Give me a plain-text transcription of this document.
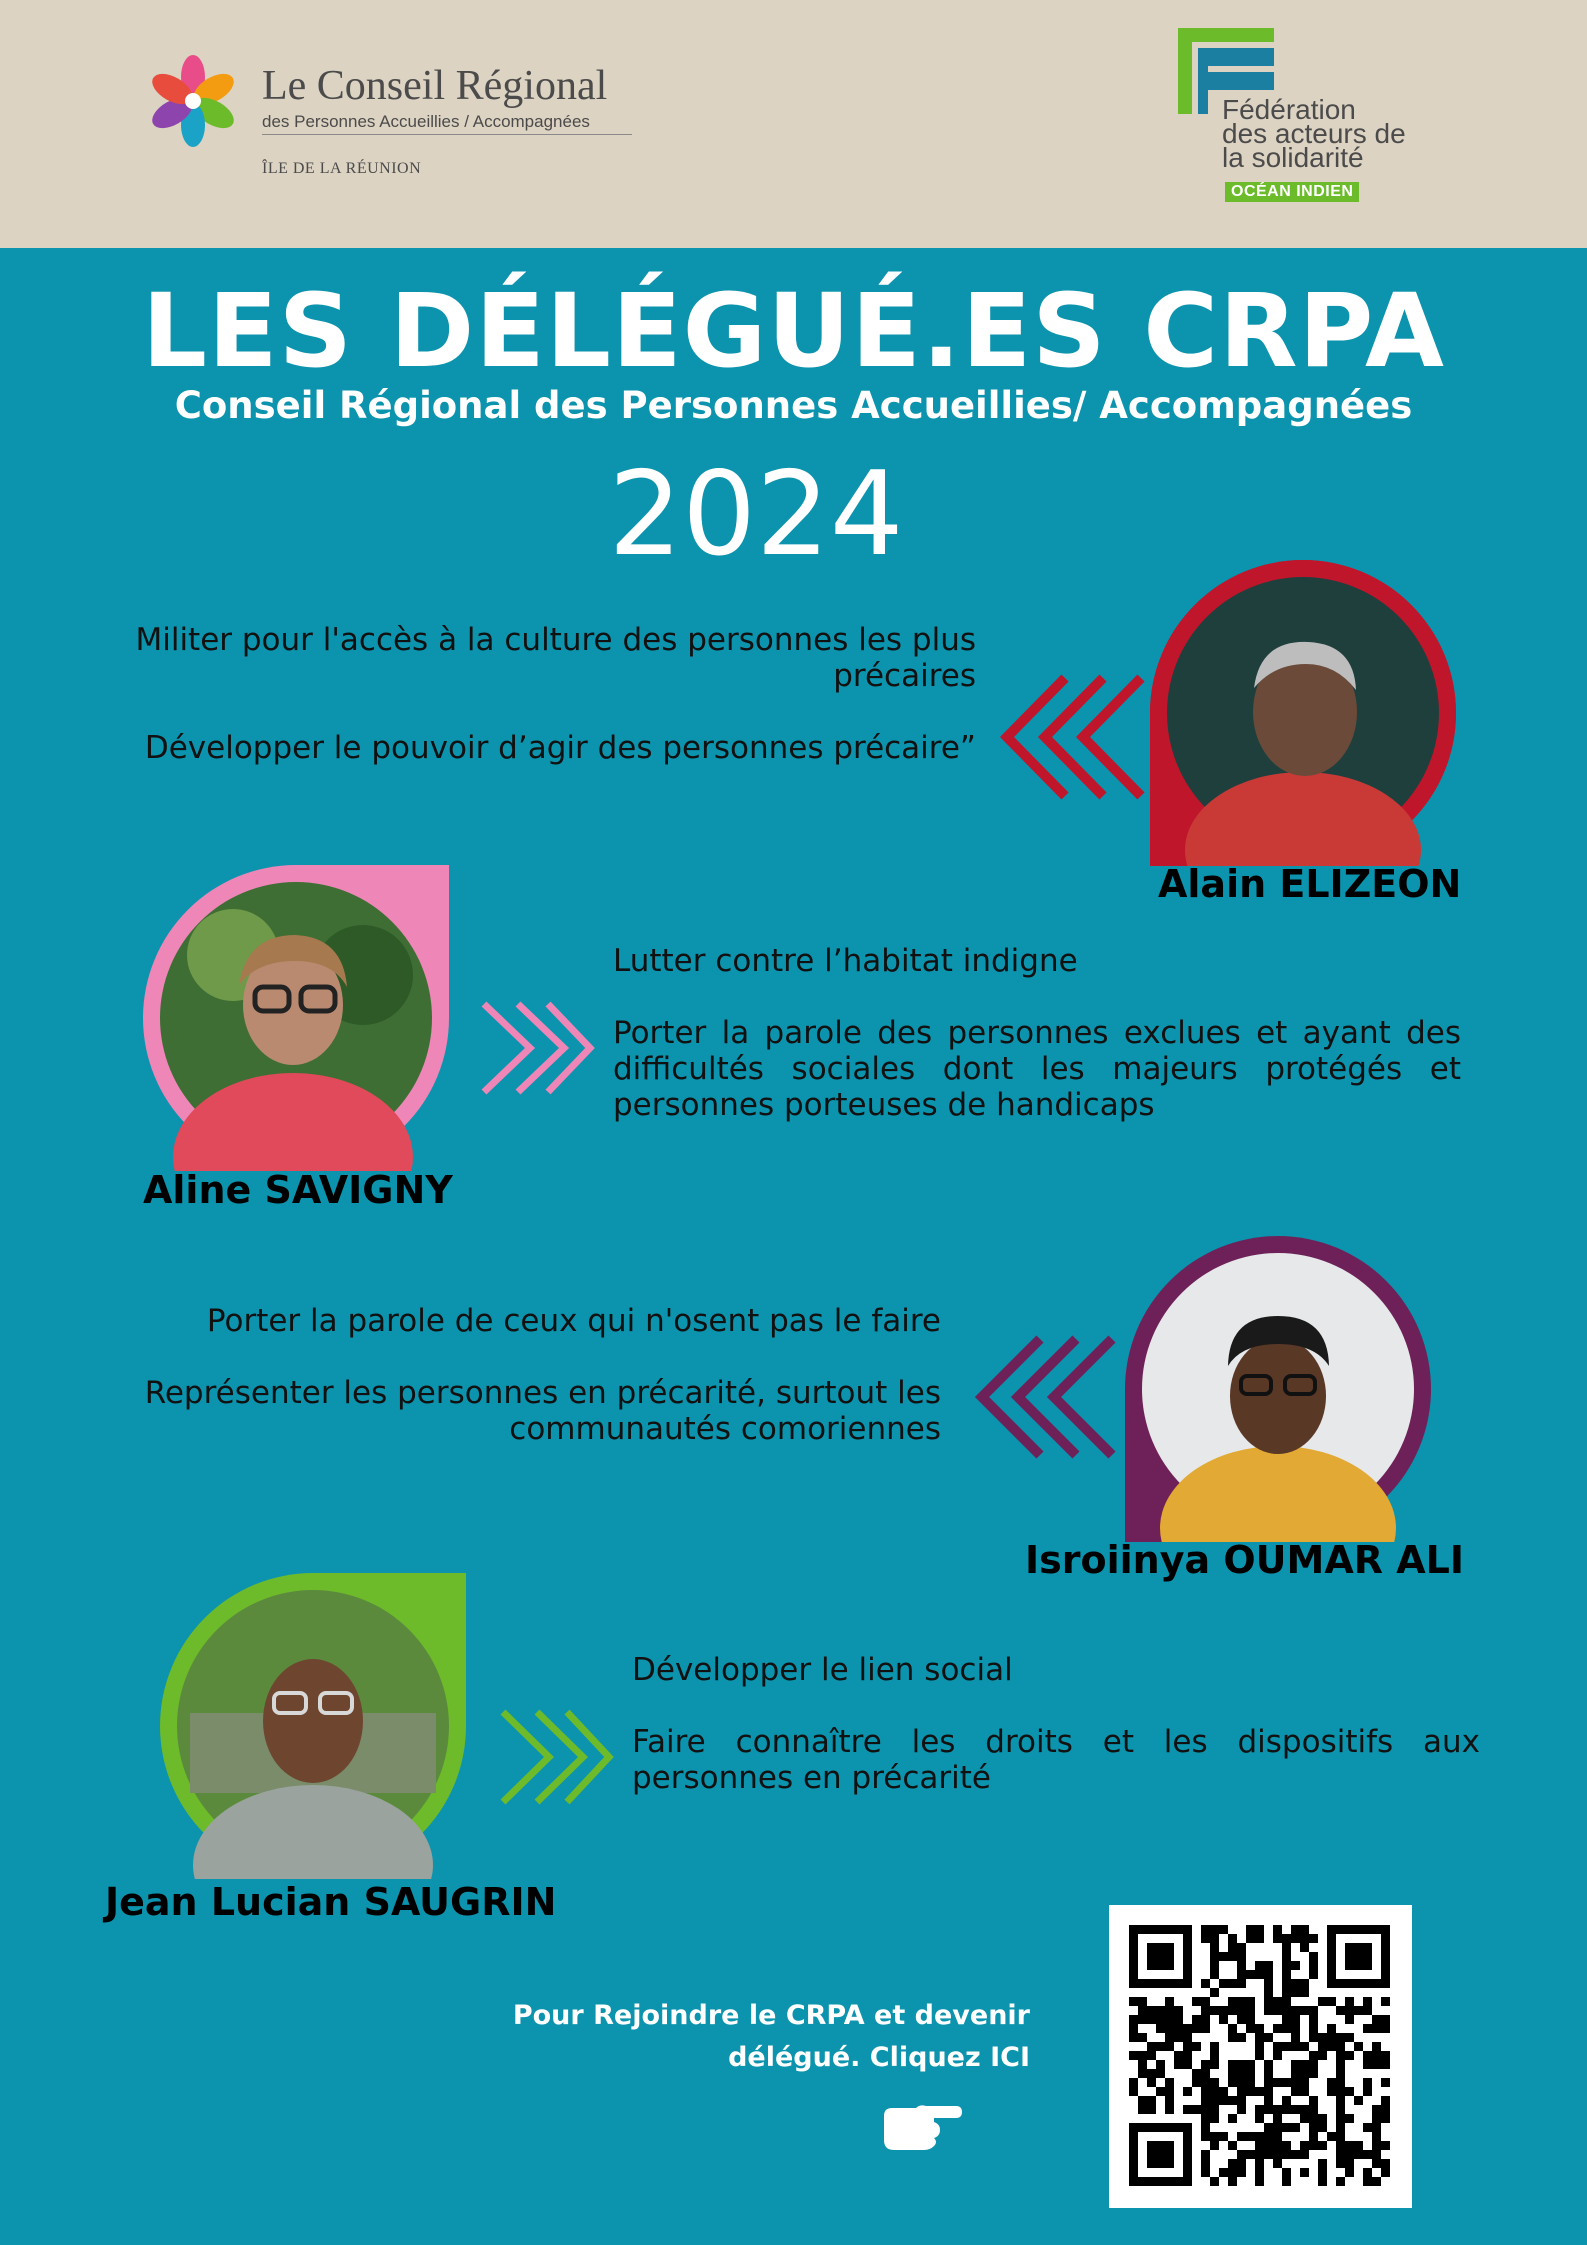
Le Conseil Régional
des Personnes Accueillies / Accompagnées
ÎLE DE LA RÉUNION
Fédération
des acteurs de
la solidarité
OCÉAN INDIEN
LES DÉLÉGUÉ.ES CRPA
Conseil Régional des Personnes Accueillies/ Accompagnées
2024

Militer pour l'accès à la culture des personnes les plus précaires

Développer le pouvoir d’agir des personnes précaire”

Alain ELIZEON

Lutter contre l’habitat indigne

Porter la parole des personnes exclues et ayant des difficultés sociales dont les majeurs protégés et personnes porteuses de handicaps

Aline SAVIGNY

Porter la parole de ceux qui n'osent pas le faire

Représenter les personnes en précarité, surtout les communautés comoriennes

Isroiinya OUMAR ALI

Développer le lien social

Faire connaître les droits et les dispositifs aux personnes en précarité

Jean Lucian SAUGRIN
Pour Rejoindre le CRPA et devenir
délégué. Cliquez ICI
